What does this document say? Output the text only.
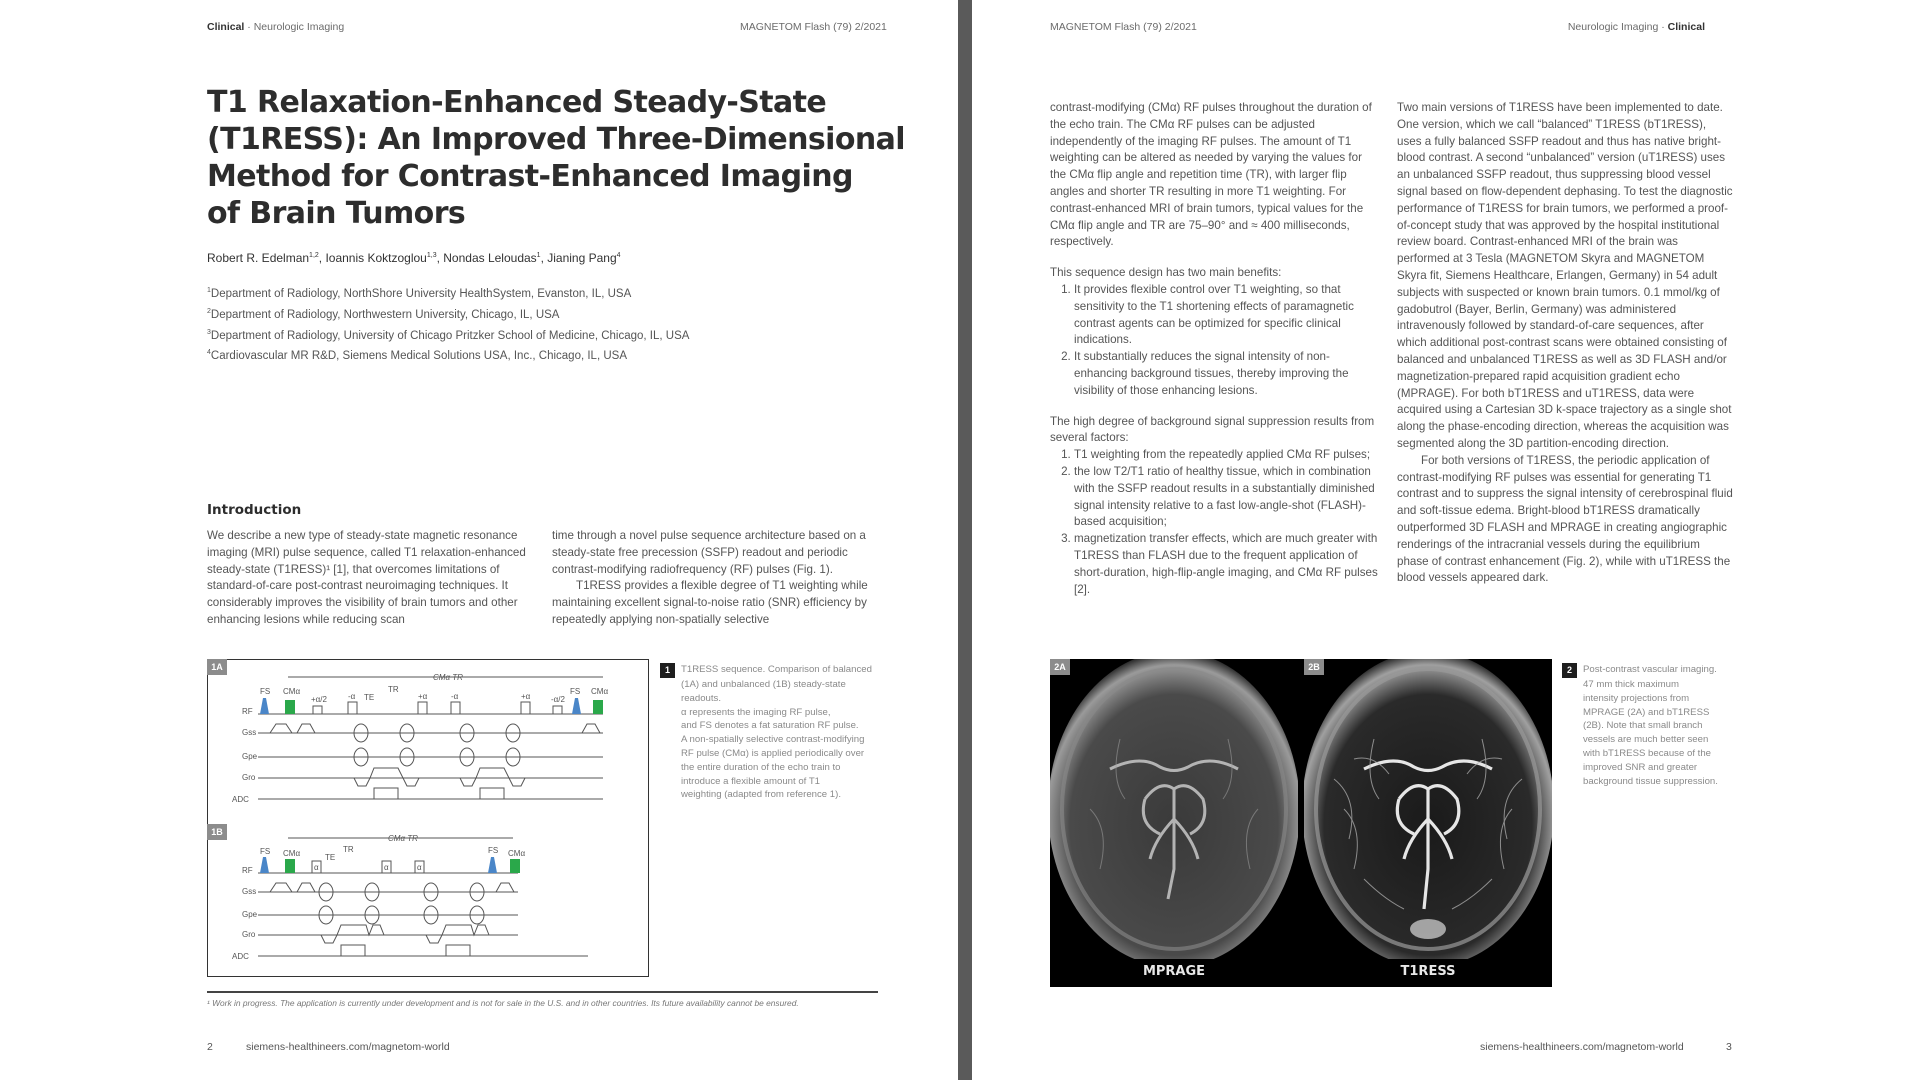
Clinical · Neurologic Imaging	MAGNETOM Flash (79) 2/2021
T1 Relaxation-Enhanced Steady-State
(T1RESS): An Improved Three-Dimensional
Method for Contrast-Enhanced Imaging
of Brain Tumors
Robert R. Edelman$^{1,2}$, Ioannis Koktzoglou$^{1,3}$, Nondas Leloudas$^1$, Jianing Pang$^4$
$^1$Department of Radiology, NorthShore University HealthSystem, Evanston, IL, USA
$^2$Department of Radiology, Northwestern University, Chicago, IL, USA
$^3$Department of Radiology, University of Chicago Pritzker School of Medicine, Chicago, IL, USA
$^4$Cardiovascular MR R&D, Siemens Medical Solutions USA, Inc., Chicago, IL, USA
Introduction

We describe a new type of steady-state magnetic resonance imaging (MRI) pulse sequence, called T1 relaxation-enhanced steady-state (T1RESS)¹ [1], that overcomes limitations of standard-of-care post-contrast neuroimaging techniques. It considerably improves the visibility of brain tumors and other enhancing lesions while reducing scan

time through a novel pulse sequence architecture based on a steady-state free precession (SSFP) readout and periodic contrast-modifying radiofrequency (RF) pulses (Fig. 1).

T1RESS provides a flexible degree of T1 weighting while maintaining excellent signal-to-noise ratio (SNR) efficiency by repeatedly applying non-spatially selective

1A
1B
RF
Gss
Gpe
Gro
ADC
FS CMα
CMα TR
TR
TE
+α/2	-α	+α	-α	+α	-α/2
FS CMα
RF
Gss
Gpe
Gro
ADC
FS CMα
CMα TR
TR
TE
α	α	α
FS CMα
1 T1RESS sequence. Comparison of balanced
(1A) and unbalanced (1B) steady-state
readouts.
α represents the imaging RF pulse,
and FS denotes a fat saturation RF pulse.
A non-spatially selective contrast-modifying
RF pulse (CMα) is applied periodically over
the entire duration of the echo train to
introduce a flexible amount of T1
weighting (adapted from reference 1).
¹ Work in progress. The application is currently under development and is not for sale in the U.S. and in other countries. Its future availability cannot be ensured.
2	siemens-healthineers.com/magnetom-world
MAGNETOM Flash (79) 2/2021	Neurologic Imaging · Clinical

contrast-modifying (CMα) RF pulses throughout the duration of the echo train. The CMα RF pulses can be adjusted independently of the imaging RF pulses. The amount of T1 weighting can be altered as needed by varying the values for the CMα flip angle and repetition time (TR), with larger flip angles and shorter TR resulting in more T1 weighting. For contrast-enhanced MRI of brain tumors, typical values for the CMα flip angle and TR are 75–90° and ≈ 400 milliseconds, respectively.

This sequence design has two main benefits:

1. It provides flexible control over T1 weighting, so that sensitivity to the T1 shortening effects of paramagnetic contrast agents can be optimized for specific clinical indications.
2. It substantially reduces the signal intensity of non-enhancing background tissues, thereby improving the visibility of those enhancing lesions.

The high degree of background signal suppression results from several factors:

1. T1 weighting from the repeatedly applied CMα RF pulses;
2. the low T2/T1 ratio of healthy tissue, which in combination with the SSFP readout results in a substantially diminished signal intensity relative to a fast low-angle-shot (FLASH)-based acquisition;
3. magnetization transfer effects, which are much greater with T1RESS than FLASH due to the frequent application of short-duration, high-flip-angle imaging, and CMα RF pulses [2].

Two main versions of T1RESS have been implemented to date. One version, which we call “balanced” T1RESS (bT1RESS), uses a fully balanced SSFP readout and thus has native bright-blood contrast. A second “unbalanced” version (uT1RESS) uses an unbalanced SSFP readout, thus suppressing blood vessel signal based on flow-dependent dephasing. To test the diagnostic performance of T1RESS for brain tumors, we performed a proof-of-concept study that was approved by the hospital institutional review board. Contrast-enhanced MRI of the brain was performed at 3 Tesla (MAGNETOM Skyra and MAGNETOM Skyra fit, Siemens Healthcare, Erlangen, Germany) in 54 adult subjects with suspected or known brain tumors. 0.1 mmol/kg of gadobutrol (Bayer, Berlin, Germany) was administered intravenously followed by standard-of-care sequences, after which additional post-contrast scans were obtained consisting of balanced and unbalanced T1RESS as well as 3D FLASH and/or magnetization-prepared rapid acquisition gradient echo (MPRAGE). For both bT1RESS and uT1RESS, data were acquired using a Cartesian 3D k-space trajectory as a single shot along the phase-encoding direction, whereas the acquisition was segmented along the 3D partition-encoding direction.

For both versions of T1RESS, the periodic application of contrast-modifying RF pulses was essential for generating T1 contrast and to suppress the signal intensity of cerebrospinal fluid and soft-tissue edema. Bright-blood bT1RESS dramatically outperformed 3D FLASH and MPRAGE in creating angiographic renderings of the intracranial vessels during the equilibrium phase of contrast enhancement (Fig. 2), while with uT1RESS the blood vessels appeared dark.

2A
MPRAGE
2B
T1RESS
2 Post-contrast vascular imaging.
47 mm thick maximum
intensity projections from
MPRAGE (2A) and bT1RESS
(2B). Note that small branch
vessels are much better seen
with bT1RESS because of the
improved SNR and greater
background tissue suppression.
siemens-healthineers.com/magnetom-world	3
